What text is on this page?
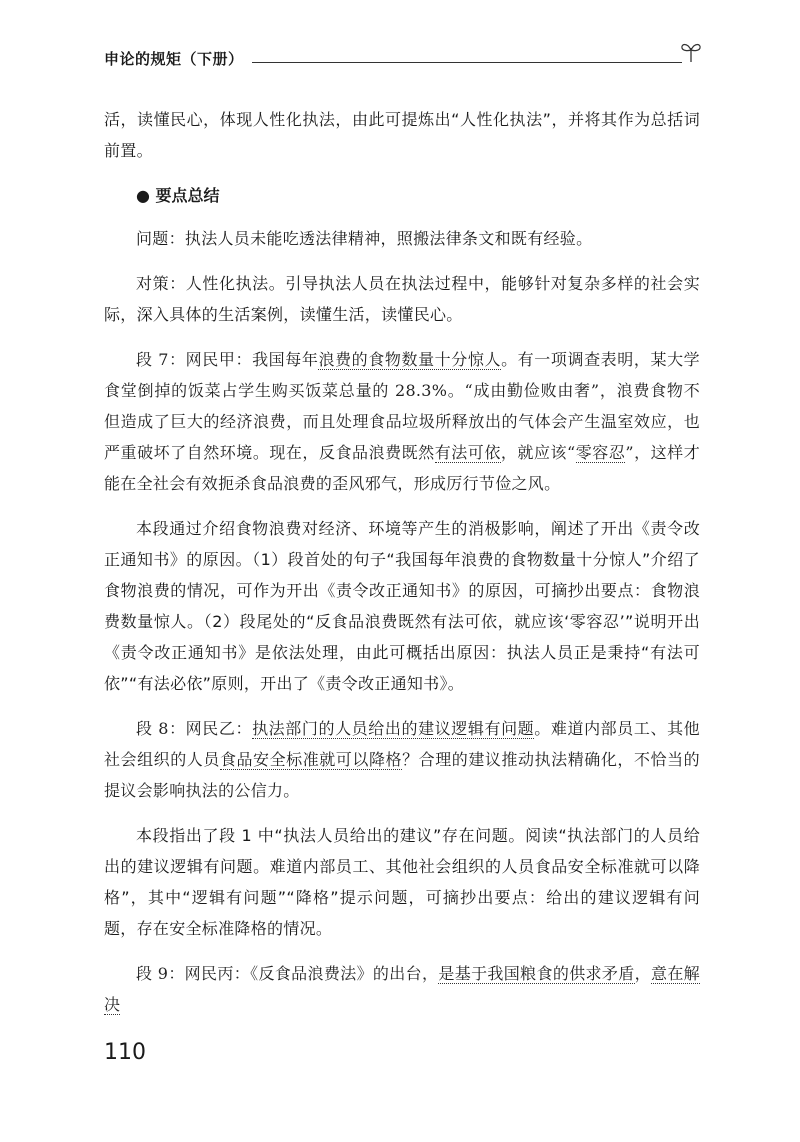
申论的规矩（下册）

活，读懂民心，体现人性化执法，由此可提炼出“人性化执法”，并将其作为总括词前置。

● 要点总结

问题：执法人员未能吃透法律精神，照搬法律条文和既有经验。

对策：人性化执法。引导执法人员在执法过程中，能够针对复杂多样的社会实际，深入具体的生活案例，读懂生活，读懂民心。

段 7：网民甲：我国每年浪费的食物数量十分惊人。有一项调查表明，某大学食堂倒掉的饭菜占学生购买饭菜总量的 28.3%。“成由勤俭败由奢”，浪费食物不但造成了巨大的经济浪费，而且处理食品垃圾所释放出的气体会产生温室效应，也严重破坏了自然环境。现在，反食品浪费既然有法可依，就应该“零容忍”，这样才能在全社会有效扼杀食品浪费的歪风邪气，形成厉行节俭之风。

本段通过介绍食物浪费对经济、环境等产生的消极影响，阐述了开出《责令改正通知书》的原因。（1）段首处的句子“我国每年浪费的食物数量十分惊人”介绍了食物浪费的情况，可作为开出《责令改正通知书》的原因，可摘抄出要点：食物浪费数量惊人。（2）段尾处的“反食品浪费既然有法可依，就应该‘零容忍’”说明开出《责令改正通知书》是依法处理，由此可概括出原因：执法人员正是秉持“有法可依”“有法必依”原则，开出了《责令改正通知书》。

段 8：网民乙：执法部门的人员给出的建议逻辑有问题。难道内部员工、其他社会组织的人员食品安全标准就可以降格？合理的建议推动执法精确化，不恰当的提议会影响执法的公信力。

本段指出了段 1 中“执法人员给出的建议”存在问题。阅读“执法部门的人员给出的建议逻辑有问题。难道内部员工、其他社会组织的人员食品安全标准就可以降格”，其中“逻辑有问题”“降格”提示问题，可摘抄出要点：给出的建议逻辑有问题，存在安全标准降格的情况。

段 9：网民丙：《反食品浪费法》的出台，是基于我国粮食的供求矛盾，意在解决

110
